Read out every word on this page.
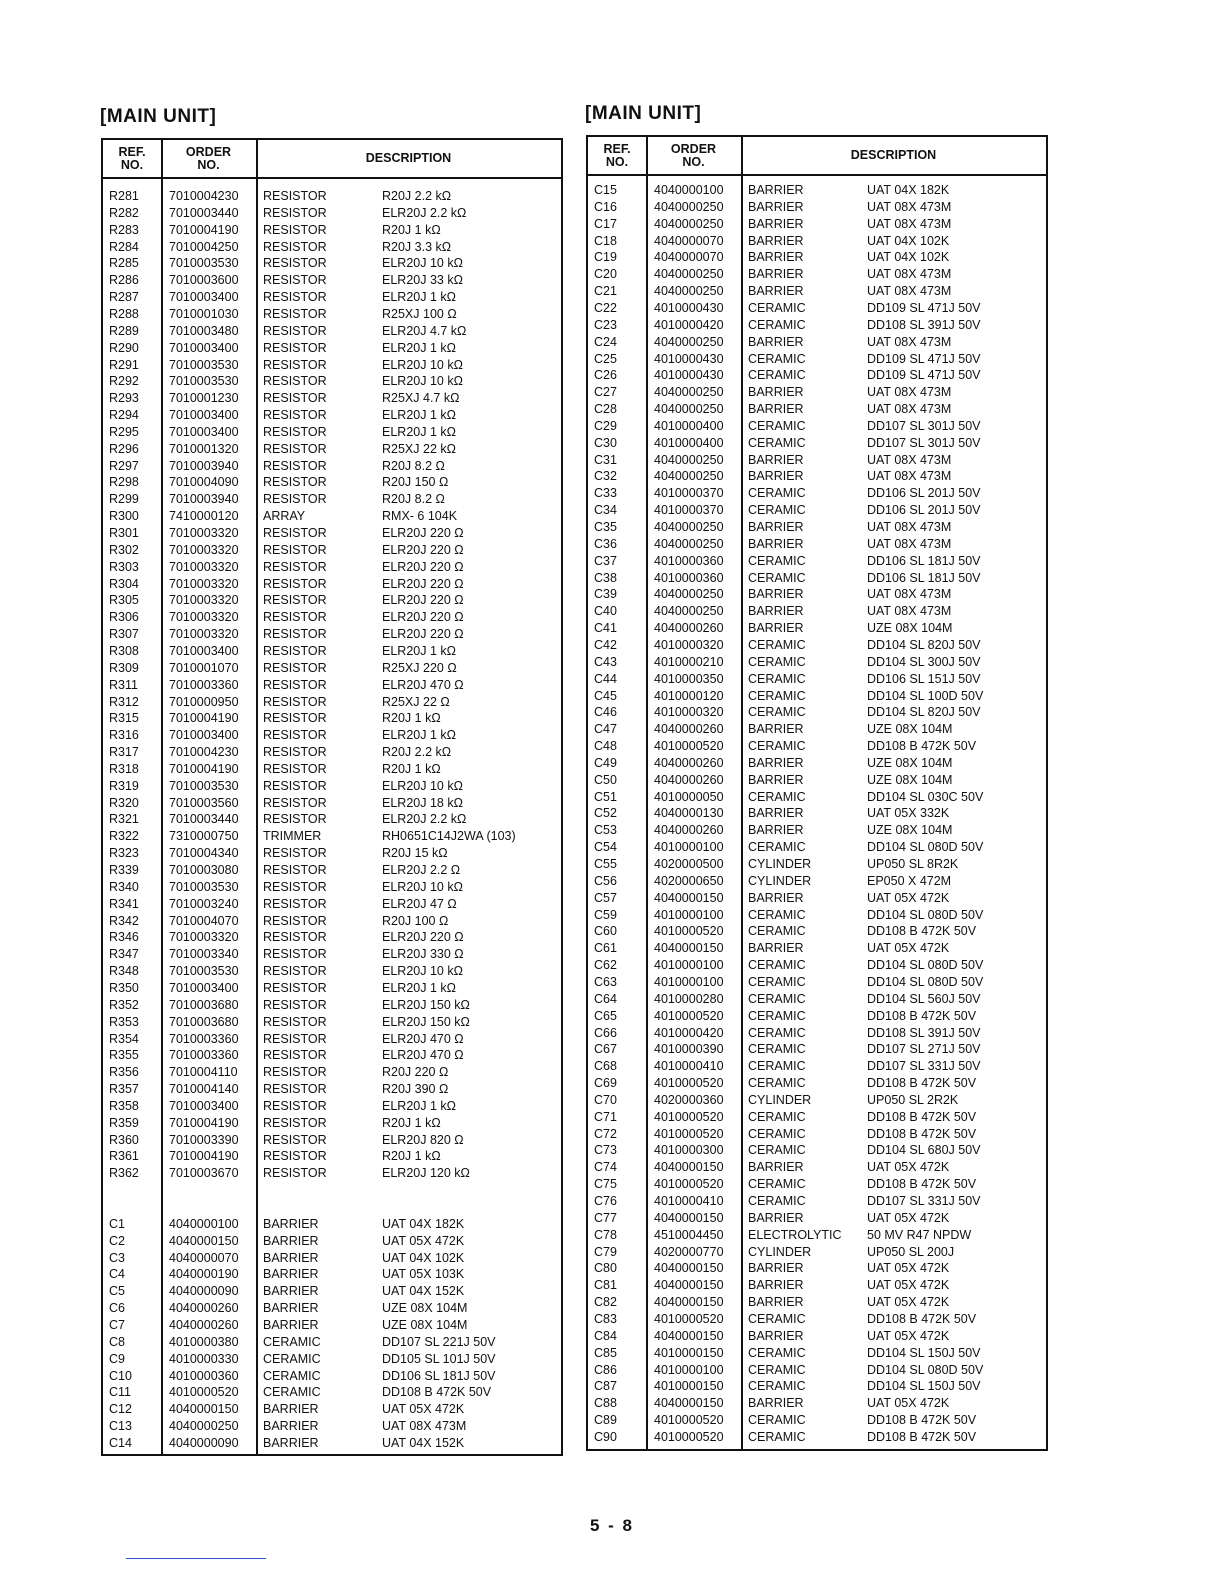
[MAIN UNIT]
REF.
NO.
ORDER
NO.	DESCRIPTION
R281 7010004230 RESISTOR	R20J 2.2 kΩ
R282 7010003440 RESISTOR	ELR20J 2.2 kΩ
R283 7010004190 RESISTOR	R20J 1 kΩ
R284 7010004250 RESISTOR	R20J 3.3 kΩ
R285 7010003530 RESISTOR	ELR20J 10 kΩ
R286 7010003600 RESISTOR	ELR20J 33 kΩ
R287 7010003400 RESISTOR	ELR20J 1 kΩ
R288 7010001030 RESISTOR	R25XJ 100 Ω
R289 7010003480 RESISTOR	ELR20J 4.7 kΩ
R290 7010003400 RESISTOR	ELR20J 1 kΩ
R291 7010003530 RESISTOR	ELR20J 10 kΩ
R292 7010003530 RESISTOR	ELR20J 10 kΩ
R293 7010001230 RESISTOR	R25XJ 4.7 kΩ
R294 7010003400 RESISTOR	ELR20J 1 kΩ
R295 7010003400 RESISTOR	ELR20J 1 kΩ
R296 7010001320 RESISTOR	R25XJ 22 kΩ
R297 7010003940 RESISTOR	R20J 8.2 Ω
R298 7010004090 RESISTOR	R20J 150 Ω
R299 7010003940 RESISTOR	R20J 8.2 Ω
R300 7410000120 ARRAY	RMX- 6 104K
R301 7010003320 RESISTOR	ELR20J 220 Ω
R302 7010003320 RESISTOR	ELR20J 220 Ω
R303 7010003320 RESISTOR	ELR20J 220 Ω
R304 7010003320 RESISTOR	ELR20J 220 Ω
R305 7010003320 RESISTOR	ELR20J 220 Ω
R306 7010003320 RESISTOR	ELR20J 220 Ω
R307 7010003320 RESISTOR	ELR20J 220 Ω
R308 7010003400 RESISTOR	ELR20J 1 kΩ
R309 7010001070 RESISTOR	R25XJ 220 Ω
R311 7010003360 RESISTOR	ELR20J 470 Ω
R312 7010000950 RESISTOR	R25XJ 22 Ω
R315 7010004190 RESISTOR	R20J 1 kΩ
R316 7010003400 RESISTOR	ELR20J 1 kΩ
R317 7010004230 RESISTOR	R20J 2.2 kΩ
R318 7010004190 RESISTOR	R20J 1 kΩ
R319 7010003530 RESISTOR	ELR20J 10 kΩ
R320 7010003560 RESISTOR	ELR20J 18 kΩ
R321 7010003440 RESISTOR	ELR20J 2.2 kΩ
R322 7310000750 TRIMMER	RH0651C14J2WA (103)
R323 7010004340 RESISTOR	R20J 15 kΩ
R339 7010003080 RESISTOR	ELR20J 2.2 Ω
R340 7010003530 RESISTOR	ELR20J 10 kΩ
R341 7010003240 RESISTOR	ELR20J 47 Ω
R342 7010004070 RESISTOR	R20J 100 Ω
R346 7010003320 RESISTOR	ELR20J 220 Ω
R347 7010003340 RESISTOR	ELR20J 330 Ω
R348 7010003530 RESISTOR	ELR20J 10 kΩ
R350 7010003400 RESISTOR	ELR20J 1 kΩ
R352 7010003680 RESISTOR	ELR20J 150 kΩ
R353 7010003680 RESISTOR	ELR20J 150 kΩ
R354 7010003360 RESISTOR	ELR20J 470 Ω
R355 7010003360 RESISTOR	ELR20J 470 Ω
R356 7010004110 RESISTOR	R20J 220 Ω
R357 7010004140 RESISTOR	R20J 390 Ω
R358 7010003400 RESISTOR	ELR20J 1 kΩ
R359 7010004190 RESISTOR	R20J 1 kΩ
R360 7010003390 RESISTOR	ELR20J 820 Ω
R361 7010004190 RESISTOR	R20J 1 kΩ
R362 7010003670 RESISTOR	ELR20J 120 kΩ
C1	4040000100 BARRIER	UAT 04X 182K
C2	4040000150 BARRIER	UAT 05X 472K
C3	4040000070 BARRIER	UAT 04X 102K
C4	4040000190 BARRIER	UAT 05X 103K
C5	4040000090 BARRIER	UAT 04X 152K
C6	4040000260 BARRIER	UZE 08X 104M
C7	4040000260 BARRIER	UZE 08X 104M
C8	4010000380 CERAMIC	DD107 SL 221J 50V
C9	4010000330 CERAMIC	DD105 SL 101J 50V
C10	4010000360 CERAMIC	DD106 SL 181J 50V
C11	4010000520 CERAMIC	DD108 B 472K 50V
C12	4040000150 BARRIER	UAT 05X 472K
C13	4040000250 BARRIER	UAT 08X 473M
C14	4040000090 BARRIER	UAT 04X 152K
[MAIN UNIT]
REF.
NO.
ORDER
NO.	DESCRIPTION
C15	4040000100 BARRIER	UAT 04X 182K
C16	4040000250 BARRIER	UAT 08X 473M
C17	4040000250 BARRIER	UAT 08X 473M
C18	4040000070 BARRIER	UAT 04X 102K
C19	4040000070 BARRIER	UAT 04X 102K
C20	4040000250 BARRIER	UAT 08X 473M
C21	4040000250 BARRIER	UAT 08X 473M
C22	4010000430 CERAMIC	DD109 SL 471J 50V
C23	4010000420 CERAMIC	DD108 SL 391J 50V
C24	4040000250 BARRIER	UAT 08X 473M
C25	4010000430 CERAMIC	DD109 SL 471J 50V
C26	4010000430 CERAMIC	DD109 SL 471J 50V
C27	4040000250 BARRIER	UAT 08X 473M
C28	4040000250 BARRIER	UAT 08X 473M
C29	4010000400 CERAMIC	DD107 SL 301J 50V
C30	4010000400 CERAMIC	DD107 SL 301J 50V
C31	4040000250 BARRIER	UAT 08X 473M
C32	4040000250 BARRIER	UAT 08X 473M
C33	4010000370 CERAMIC	DD106 SL 201J 50V
C34	4010000370 CERAMIC	DD106 SL 201J 50V
C35	4040000250 BARRIER	UAT 08X 473M
C36	4040000250 BARRIER	UAT 08X 473M
C37	4010000360 CERAMIC	DD106 SL 181J 50V
C38	4010000360 CERAMIC	DD106 SL 181J 50V
C39	4040000250 BARRIER	UAT 08X 473M
C40	4040000250 BARRIER	UAT 08X 473M
C41	4040000260 BARRIER	UZE 08X 104M
C42	4010000320 CERAMIC	DD104 SL 820J 50V
C43	4010000210 CERAMIC	DD104 SL 300J 50V
C44	4010000350 CERAMIC	DD106 SL 151J 50V
C45	4010000120 CERAMIC	DD104 SL 100D 50V
C46	4010000320 CERAMIC	DD104 SL 820J 50V
C47	4040000260 BARRIER	UZE 08X 104M
C48	4010000520 CERAMIC	DD108 B 472K 50V
C49	4040000260 BARRIER	UZE 08X 104M
C50	4040000260 BARRIER	UZE 08X 104M
C51	4010000050 CERAMIC	DD104 SL 030C 50V
C52	4040000130 BARRIER	UAT 05X 332K
C53	4040000260 BARRIER	UZE 08X 104M
C54	4010000100 CERAMIC	DD104 SL 080D 50V
C55	4020000500 CYLINDER	UP050 SL 8R2K
C56	4020000650 CYLINDER	EP050 X 472M
C57	4040000150 BARRIER	UAT 05X 472K
C59	4010000100 CERAMIC	DD104 SL 080D 50V
C60	4010000520 CERAMIC	DD108 B 472K 50V
C61	4040000150 BARRIER	UAT 05X 472K
C62	4010000100 CERAMIC	DD104 SL 080D 50V
C63	4010000100 CERAMIC	DD104 SL 080D 50V
C64	4010000280 CERAMIC	DD104 SL 560J 50V
C65	4010000520 CERAMIC	DD108 B 472K 50V
C66	4010000420 CERAMIC	DD108 SL 391J 50V
C67	4010000390 CERAMIC	DD107 SL 271J 50V
C68	4010000410 CERAMIC	DD107 SL 331J 50V
C69	4010000520 CERAMIC	DD108 B 472K 50V
C70	4020000360 CYLINDER	UP050 SL 2R2K
C71	4010000520 CERAMIC	DD108 B 472K 50V
C72	4010000520 CERAMIC	DD108 B 472K 50V
C73	4010000300 CERAMIC	DD104 SL 680J 50V
C74	4040000150 BARRIER	UAT 05X 472K
C75	4010000520 CERAMIC	DD108 B 472K 50V
C76	4010000410 CERAMIC	DD107 SL 331J 50V
C77	4040000150 BARRIER	UAT 05X 472K
C78	4510004450 ELECTROLYTIC 50 MV R47 NPDW
C79	4020000770 CYLINDER	UP050 SL 200J
C80	4040000150 BARRIER	UAT 05X 472K
C81	4040000150 BARRIER	UAT 05X 472K
C82	4040000150 BARRIER	UAT 05X 472K
C83	4010000520 CERAMIC	DD108 B 472K 50V
C84	4040000150 BARRIER	UAT 05X 472K
C85	4010000150 CERAMIC	DD104 SL 150J 50V
C86	4010000100 CERAMIC	DD104 SL 080D 50V
C87	4010000150 CERAMIC	DD104 SL 150J 50V
C88	4040000150 BARRIER	UAT 05X 472K
C89	4010000520 CERAMIC	DD108 B 472K 50V
C90	4010000520 CERAMIC	DD108 B 472K 50V
5 - 8
